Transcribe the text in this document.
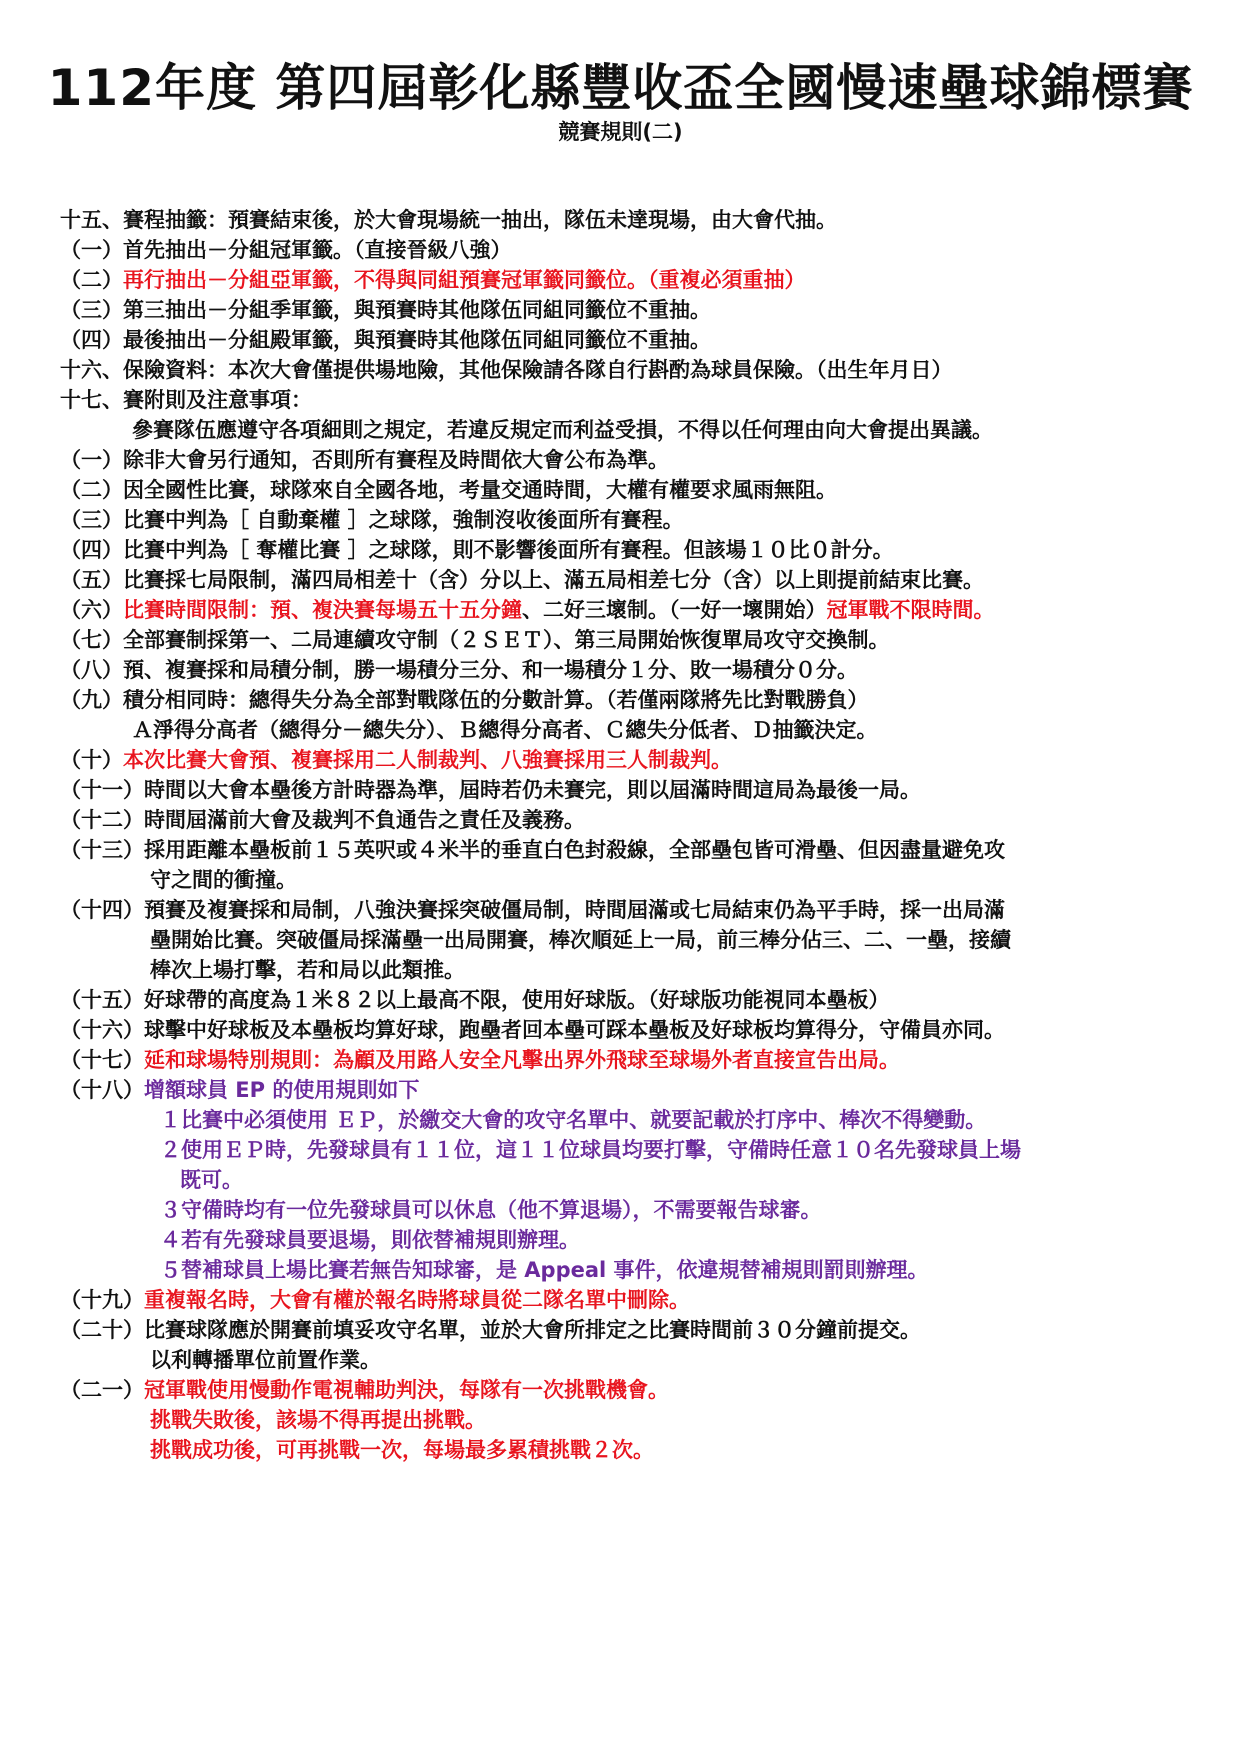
112年度 第四屆彰化縣豐收盃全國慢速壘球錦標賽
競賽規則(二)
十五、賽程抽籤：預賽結束後，於大會現場統一抽出，隊伍未達現場，由大會代抽。
（一）首先抽出－分組冠軍籤。（直接晉級八強）
（二）再行抽出－分組亞軍籤，不得與同組預賽冠軍籤同籤位。（重複必須重抽）
（三）第三抽出－分組季軍籤，與預賽時其他隊伍同組同籤位不重抽。
（四）最後抽出－分組殿軍籤，與預賽時其他隊伍同組同籤位不重抽。
十六、保險資料：本次大會僅提供場地險，其他保險請各隊自行斟酌為球員保險。（出生年月日）
十七、賽附則及注意事項：
參賽隊伍應遵守各項細則之規定，若違反規定而利益受損，不得以任何理由向大會提出異議。
（一）除非大會另行通知，否則所有賽程及時間依大會公布為準。
（二）因全國性比賽，球隊來自全國各地，考量交通時間，大權有權要求風雨無阻。
（三）比賽中判為［ 自動棄權 ］之球隊，強制沒收後面所有賽程。
（四）比賽中判為［ 奪權比賽 ］之球隊，則不影響後面所有賽程。但該場１０比０計分。
（五）比賽採七局限制，滿四局相差十（含）分以上、滿五局相差七分（含）以上則提前結束比賽。
（六）比賽時間限制：預、複決賽每場五十五分鐘、二好三壞制。（一好一壞開始）冠軍戰不限時間。
（七）全部賽制採第一、二局連續攻守制（２ＳＥＴ）、第三局開始恢復單局攻守交換制。
（八）預、複賽採和局積分制，勝一場積分三分、和一場積分１分、敗一場積分０分。
（九）積分相同時：總得失分為全部對戰隊伍的分數計算。（若僅兩隊將先比對戰勝負）
Ａ淨得分高者（總得分－總失分）、Ｂ總得分高者、Ｃ總失分低者、Ｄ抽籤決定。
（十）本次比賽大會預、複賽採用二人制裁判、八強賽採用三人制裁判。
（十一）時間以大會本壘後方計時器為準，屆時若仍未賽完，則以屆滿時間這局為最後一局。
（十二）時間屆滿前大會及裁判不負通告之責任及義務。
（十三）採用距離本壘板前１５英呎或４米半的垂直白色封殺線，全部壘包皆可滑壘、但因盡量避免攻
守之間的衝撞。
（十四）預賽及複賽採和局制，八強決賽採突破僵局制，時間屆滿或七局結束仍為平手時，採一出局滿
壘開始比賽。突破僵局採滿壘一出局開賽，棒次順延上一局，前三棒分佔三、二、一壘，接續
棒次上場打擊，若和局以此類推。
（十五）好球帶的高度為１米８２以上最高不限，使用好球版。（好球版功能視同本壘板）
（十六）球擊中好球板及本壘板均算好球，跑壘者回本壘可踩本壘板及好球板均算得分，守備員亦同。
（十七）延和球場特別規則：為顧及用路人安全凡擊出界外飛球至球場外者直接宣告出局。
（十八）增額球員 EP 的使用規則如下
１比賽中必須使用 ＥＰ，於繳交大會的攻守名單中、就要記載於打序中、棒次不得變動。
２使用ＥＰ時，先發球員有１１位，這１１位球員均要打擊，守備時任意１０名先發球員上場
既可。
３守備時均有一位先發球員可以休息（他不算退場），不需要報告球審。
４若有先發球員要退場，則依替補規則辦理。
５替補球員上場比賽若無告知球審，是 Appeal 事件，依違規替補規則罰則辦理。
（十九）重複報名時，大會有權於報名時將球員從二隊名單中刪除。
（二十）比賽球隊應於開賽前填妥攻守名單，並於大會所排定之比賽時間前３０分鐘前提交。
以利轉播單位前置作業。
（二一）冠軍戰使用慢動作電視輔助判決，每隊有一次挑戰機會。
挑戰失敗後，該場不得再提出挑戰。
挑戰成功後，可再挑戰一次，每場最多累積挑戰２次。
